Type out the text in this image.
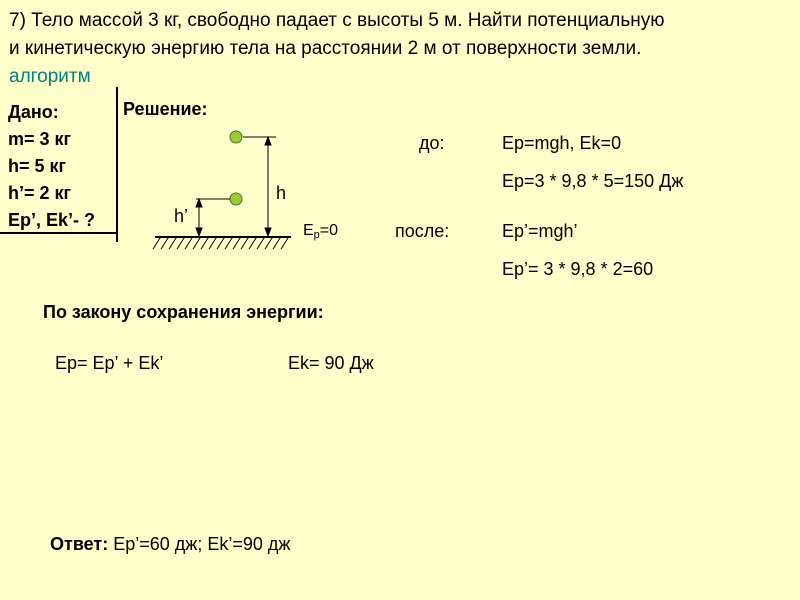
7) Тело массой 3 кг, свободно падает с высоты 5 м. Найти потенциальную
и кинетическую энергию тела на расстоянии 2 м от поверхности земли.
алгоритм
Дано:
m= 3 кг
h= 5 кг
h’= 2 кг
Ep’, Ek’- ?
Решение:
h
h’
Ep=0
до:	Ep=mgh, Ek=0
Ep=3 * 9,8 * 5=150 Дж
после:	Ep’=mgh’
Ep’= 3 * 9,8 * 2=60
По закону сохранения энергии:
Ep= Ep’ + Ek’	Ek= 90 Дж
Ответ: Ep’=60 дж; Ek’=90 дж
